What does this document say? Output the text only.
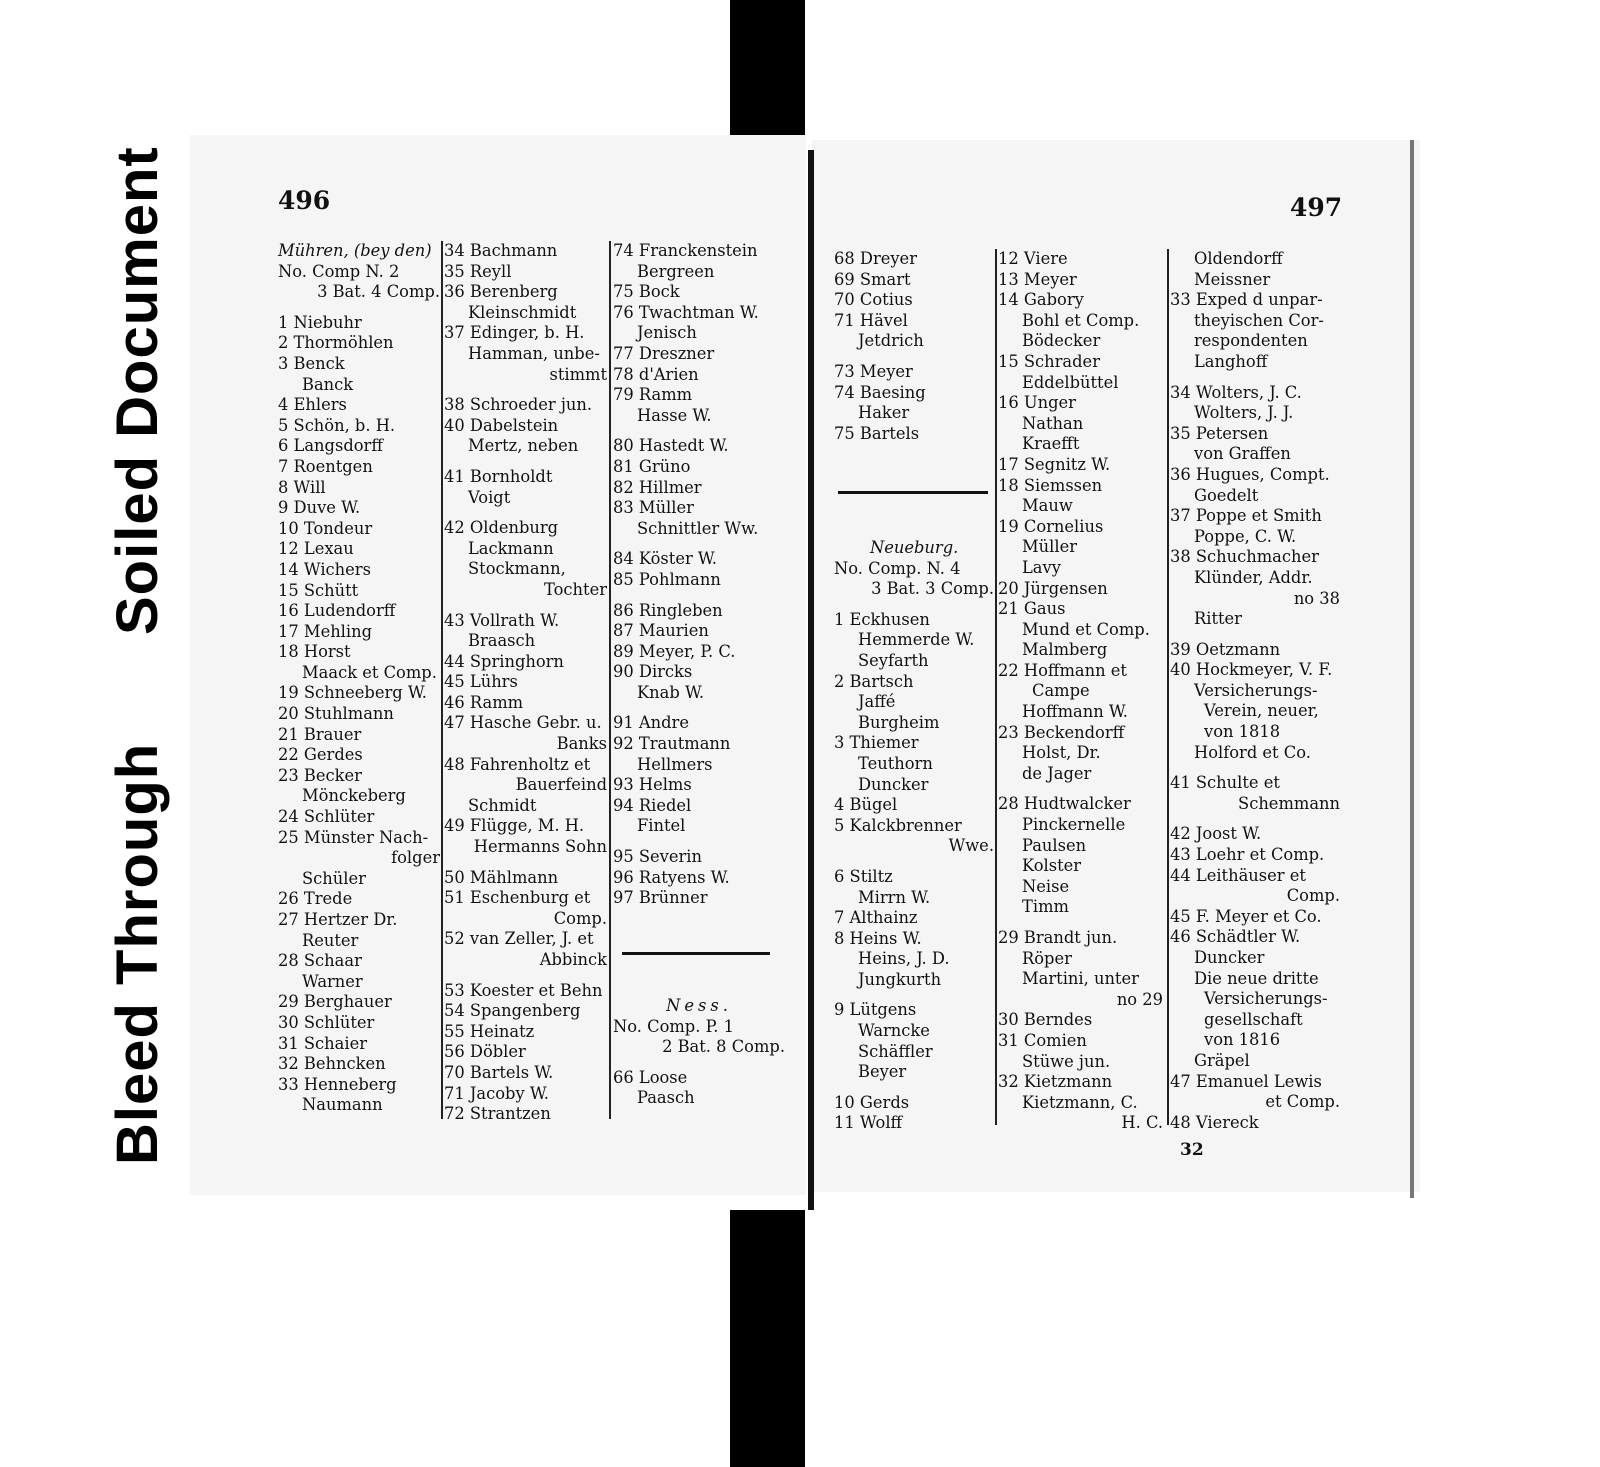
Soiled Document
Bleed Through
496	497
Mühren, (bey den)
No. Comp N. 2
3 Bat. 4 Comp.
1 Niebuhr
2 Thormöhlen
3 Benck
Banck
4 Ehlers
5 Schön, b. H.
6 Langsdorff
7 Roentgen
8 Will
9 Duve W.
10 Tondeur
12 Lexau
14 Wichers
15 Schütt
16 Ludendorff
17 Mehling
18 Horst
Maack et Comp.
19 Schneeberg W.
20 Stuhlmann
21 Brauer
22 Gerdes
23 Becker
Mönckeberg
24 Schlüter
25 Münster Nach-
folger
Schüler
26 Trede
27 Hertzer Dr.
Reuter
28 Schaar
Warner
29 Berghauer
30 Schlüter
31 Schaier
32 Behncken
33 Henneberg
Naumann
34 Bachmann
35 Reyll
36 Berenberg
Kleinschmidt
37 Edinger, b. H.
Hamman, unbe-
stimmt
38 Schroeder jun.
40 Dabelstein
Mertz, neben
41 Bornholdt
Voigt
42 Oldenburg
Lackmann
Stockmann,
Tochter
43 Vollrath W.
Braasch
44 Springhorn
45 Lührs
46 Ramm
47 Hasche Gebr. u.
Banks
48 Fahrenholtz et
Bauerfeind
Schmidt
49 Flügge, M. H.
Hermanns Sohn
50 Mählmann
51 Eschenburg et
Comp.
52 van Zeller, J. et
Abbinck
53 Koester et Behn
54 Spangenberg
55 Heinatz
56 Döbler
70 Bartels W.
71 Jacoby W.
72 Strantzen
74 Franckenstein
Bergreen
75 Bock
76 Twachtman W.
Jenisch
77 Dreszner
78 d'Arien
79 Ramm
Hasse W.
80 Hastedt W.
81 Grüno
82 Hillmer
83 Müller
Schnittler Ww.
84 Köster W.
85 Pohlmann
86 Ringleben
87 Maurien
89 Meyer, P. C.
90 Dircks
Knab W.
91 Andre
92 Trautmann
Hellmers
93 Helms
94 Riedel
Fintel
95 Severin
96 Ratyens W.
97 Brünner
Ness.
No. Comp. P. 1
2 Bat. 8 Comp.
66 Loose
Paasch
68 Dreyer
69 Smart
70 Cotius
71 Hävel
Jetdrich
73 Meyer
74 Baesing
Haker
75 Bartels
Neueburg.
No. Comp. N. 4
3 Bat. 3 Comp.
1 Eckhusen
Hemmerde W.
Seyfarth
2 Bartsch
Jaffé
Burgheim
3 Thiemer
Teuthorn
Duncker
4 Bügel
5 Kalckbrenner
Wwe.
6 Stiltz
Mirrn W.
7 Althainz
8 Heins W.
Heins, J. D.
Jungkurth
9 Lütgens
Warncke
Schäffler
Beyer
10 Gerds
11 Wolff
12 Viere
13 Meyer
14 Gabory
Bohl et Comp.
Bödecker
15 Schrader
Eddelbüttel
16 Unger
Nathan
Kraefft
17 Segnitz W.
18 Siemssen
Mauw
19 Cornelius
Müller
Lavy
20 Jürgensen
21 Gaus
Mund et Comp.
Malmberg
22 Hoffmann et
Campe
Hoffmann W.
23 Beckendorff
Holst, Dr.
de Jager
28 Hudtwalcker
Pinckernelle
Paulsen
Kolster
Neise
Timm
29 Brandt jun.
Röper
Martini, unter
no 29
30 Berndes
31 Comien
Stüwe jun.
32 Kietzmann
Kietzmann, C.
H. C.
Oldendorff
Meissner
33 Exped d unpar-
theyischen Cor-
respondenten
Langhoff
34 Wolters, J. C.
Wolters, J. J.
35 Petersen
von Graffen
36 Hugues, Compt.
Goedelt
37 Poppe et Smith
Poppe, C. W.
38 Schuchmacher
Klünder, Addr.
no 38
Ritter
39 Oetzmann
40 Hockmeyer, V. F.
Versicherungs-
Verein, neuer,
von 1818
Holford et Co.
41 Schulte et
Schemmann
42 Joost W.
43 Loehr et Comp.
44 Leithäuser et
Comp.
45 F. Meyer et Co.
46 Schädtler W.
Duncker
Die neue dritte
Versicherungs-
gesellschaft
von 1816
Gräpel
47 Emanuel Lewis
et Comp.
48 Viereck
32
